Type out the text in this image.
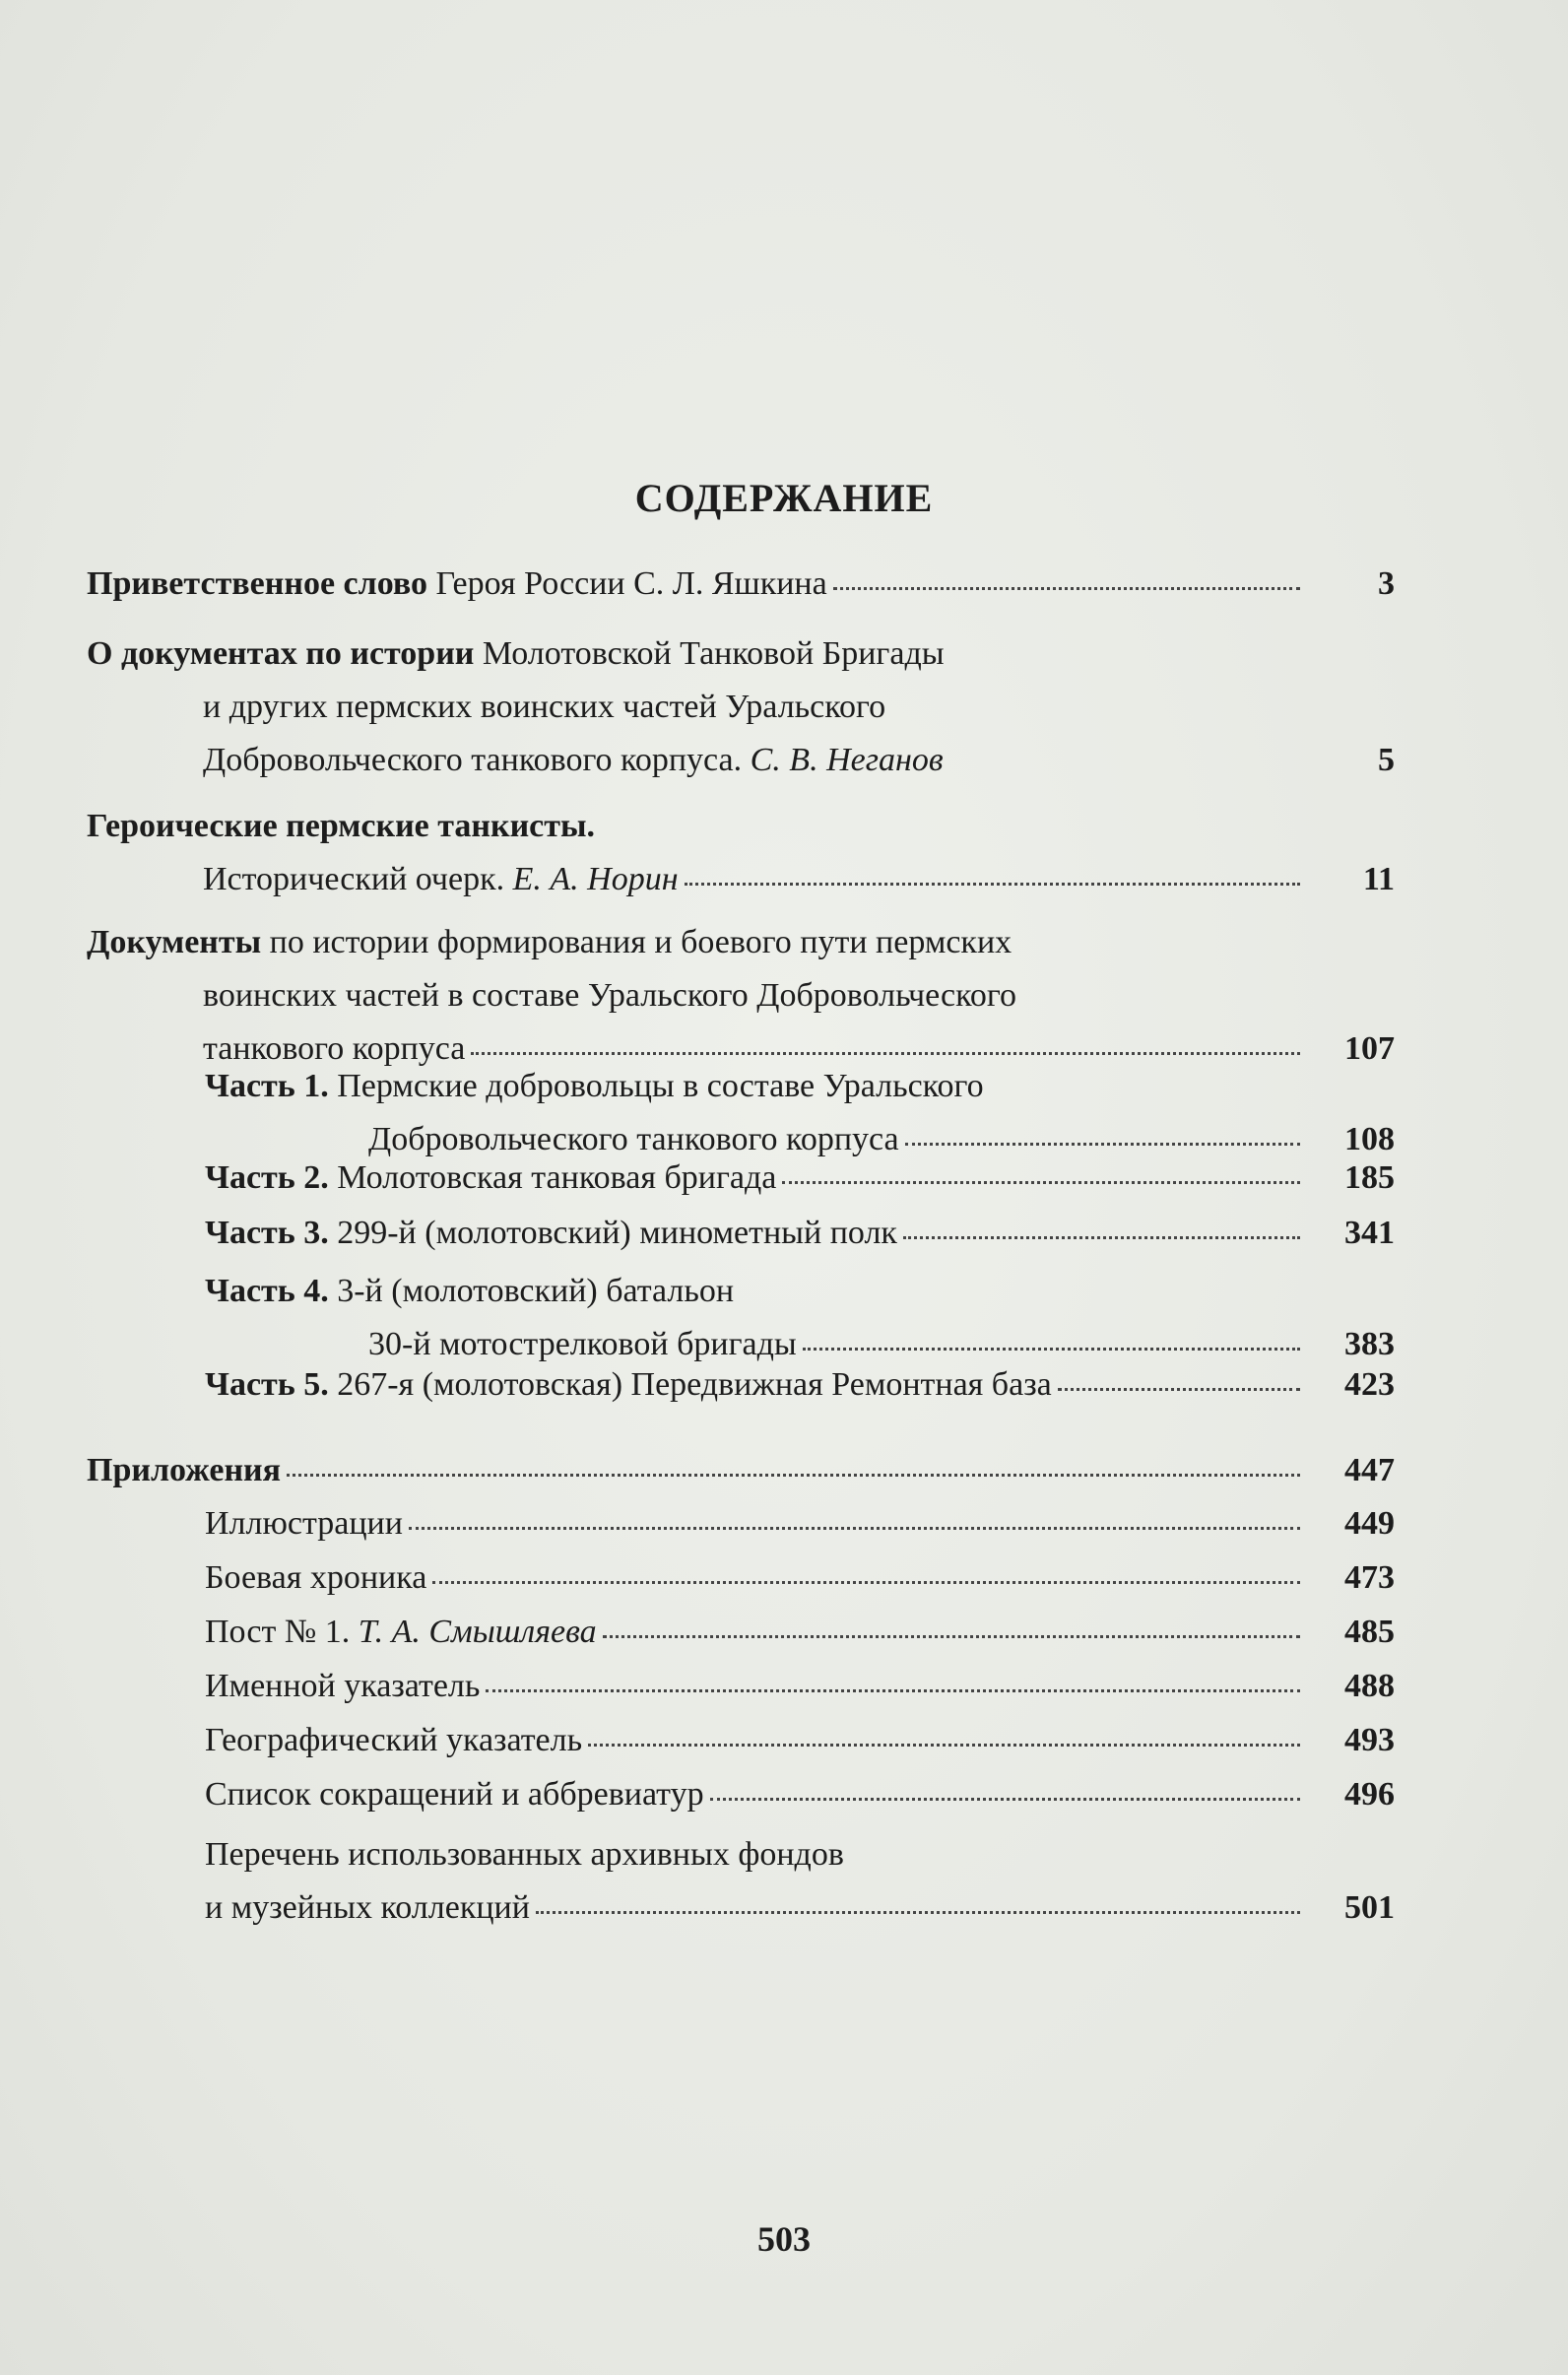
СОДЕРЖАНИЕ
Приветственное слово Героя России С. Л. Яшкина	3
О документах по истории Молотовской Танковой Бригады
и других пермских воинских частей Уральского
Добровольческого танкового корпуса. С. В. Неганов	5
Героические пермские танкисты.
Исторический очерк. Е. А. Норин	11
Документы по истории формирования и боевого пути пермских
воинских частей в составе Уральского Добровольческого
танкового корпуса	107
Часть 1. Пермские добровольцы в составе Уральского
Добровольческого танкового корпуса	108
Часть 2. Молотовская танковая бригада	185
Часть 3. 299-й (молотовский) минометный полк	341
Часть 4. 3-й (молотовский) батальон
30-й мотострелковой бригады	383
Часть 5. 267-я (молотовская) Передвижная Ремонтная база	423
Приложения	447
Иллюстрации	449
Боевая хроника	473
Пост № 1. Т. А. Смышляева	485
Именной указатель	488
Географический указатель	493
Список сокращений и аббревиатур	496
Перечень использованных архивных фондов
и музейных коллекций	501
503
